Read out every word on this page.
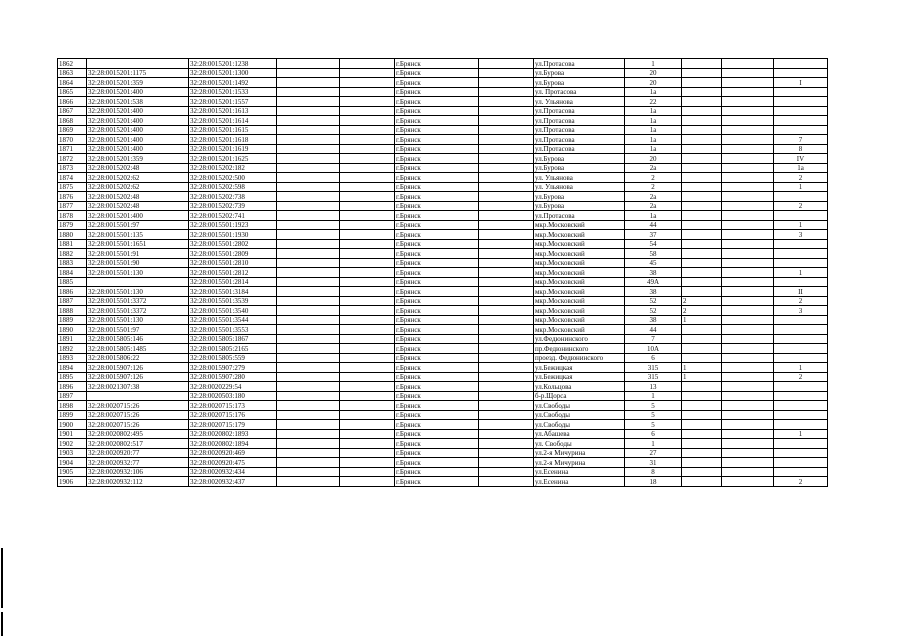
1862		32:28:0015201:1238			г.Брянск		ул.Протасова	1			
1863	32:28:0015201:1175	32:28:0015201:1300			г.Брянск		ул.Бурова	20			
1864	32:28:0015201:359	32:28:0015201:1492			г.Брянск		ул.Бурова	20			I
1865	32:28:0015201:400	32:28:0015201:1533			г.Брянск		ул. Протасова	1а			
1866	32:28:0015201:538	32:28:0015201:1557			г.Брянск		ул. Ульянова	22			
1867	32:28:0015201:400	32:28:0015201:1613			г.Брянск		ул.Протасова	1а			
1868	32:28:0015201:400	32:28:0015201:1614			г.Брянск		ул.Протасова	1а			
1869	32:28:0015201:400	32:28:0015201:1615			г.Брянск		ул.Протасова	1а			
1870	32:28:0015201:400	32:28:0015201:1618			г.Брянск		ул.Протасова	1а			7
1871	32:28:0015201:400	32:28:0015201:1619			г.Брянск		ул.Протасова	1а			8
1872	32:28:0015201:359	32:28:0015201:1625			г.Брянск		ул.Бурова	20			IV
1873	32:28:0015202:48	32:28:0015202:182			г.Брянск		ул.Бурова	2а			1а
1874	32:28:0015202:62	32:28:0015202:500			г.Брянск		ул. Ульянова	2			2
1875	32:28:0015202:62	32:28:0015202:598			г.Брянск		ул. Ульянова	2			1
1876	32:28:0015202:48	32:28:0015202:738			г.Брянск		ул.Бурова	2а			
1877	32:28:0015202:48	32:28:0015202:739			г.Брянск		ул.Бурова	2а			2
1878	32:28:0015201:400	32:28:0015202:741			г.Брянск		ул.Протасова	1а			
1879	32:28:0015501:97	32:28:0015501:1923			г.Брянск		мкр.Московский	44			1
1880	32:28:0015501:135	32:28:0015501:1930			г.Брянск		мкр.Московский	37			3
1881	32:28:0015501:1651	32:28:0015501:2802			г.Брянск		мкр.Московский	54			
1882	32:28:0015501:91	32:28:0015501:2809			г.Брянск		мкр.Московский	58			
1883	32:28:0015501:90	32:28:0015501:2810			г.Брянск		мкр.Московский	45			
1884	32:28:0015501:130	32:28:0015501:2812			г.Брянск		мкр.Московский	38			1
1885		32:28:0015501:2814			г.Брянск		мкр.Московский	49А			
1886	32:28:0015501:130	32:28:0015501:3184			г.Брянск		мкр.Московский	38			II
1887	32:28:0015501:3372	32:28:0015501:3539			г.Брянск		мкр.Московский	52	2		2
1888	32:28:0015501:3372	32:28:0015501:3540			г.Брянск		мкр.Московский	52	2		3
1889	32:28:0015501:130	32:28:0015501:3544			г.Брянск		мкр.Московский	38	1		
1890	32:28:0015501:97	32:28:0015501:3553			г.Брянск		мкр.Московский	44			
1891	32:28:0015805:146	32:28:0015805:1867			г.Брянск		ул.Федюнинского	7			
1892	32:28:0015805:1485	32:28:0015805:2165			г.Брянск		пр.Федюнинского	10А			
1893	32:28:0015806:22	32:28:0015805:559			г.Брянск		проезд. Федюнинского	6			
1894	32:28:0015907:126	32:28:0015907:279			г.Брянск		ул.Бежицкая	315	1		1
1895	32:28:0015907:126	32:28:0015907:280			г.Брянск		ул.Бежицкая	315	1		2
1896	32:28:0021307:38	32:28:0020229:54			г.Брянск		ул.Кольцова	13			
1897		32:28:0020503:180			г.Брянск		б-р.Щорса	1			
1898	32:28:0020715:26	32:28:0020715:173			г.Брянск		ул.Свободы	5			
1899	32:28:0020715:26	32:28:0020715:176			г.Брянск		ул.Свободы	5			
1900	32:28:0020715:26	32:28:0020715:179			г.Брянск		ул.Свободы	5			
1901	32:28:0020802:495	32:28:0020802:1893			г.Брянск		ул.Абашева	6			1
1902	32:28:0020802:517	32:28:0020802:1894			г.Брянск		ул. Свободы	1			
1903	32:28:0020920:77	32:28:0020920:469			г.Брянск		ул.2-я Мичурина	27			
1904	32:28:0020932:77	32:28:0020920:475			г.Брянск		ул.2-я Мичурина	31			
1905	32:28:0020932:106	32:28:0020932:434			г.Брянск		ул.Есенина	8			
1906	32:28:0020932:112	32:28:0020932:437			г.Брянск		ул.Есенина	18			2
